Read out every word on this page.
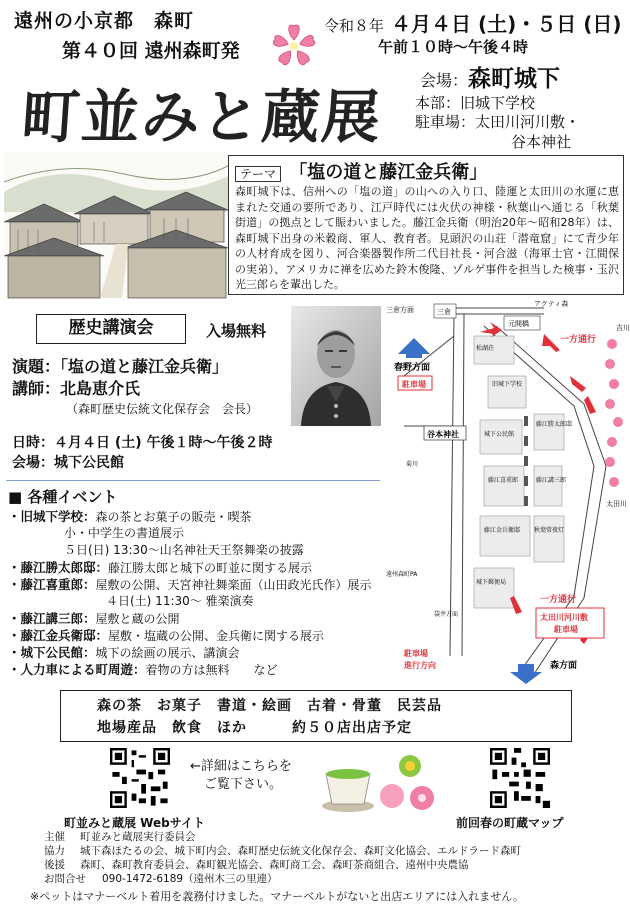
遠州の小京都　森町
第４０回 遠州森町発
町並みと蔵展
令和８年 ４月４日 (土)・５日 (日)
午前１０時〜午後４時
会場：森町城下
本部：旧城下学校
駐車場：太田川河川敷・
谷本神社
テーマ 「塩の道と藤江金兵衛」
森町城下は、信州への「塩の道」の山への入り口、陸運と太田川の水運に恵まれた交通の要所であり、江戸時代には火伏の神様・秋葉山へ通じる「秋葉街道」の拠点として賑わいました。藤江金兵衛（明治20年〜昭和28年）は、森町城下出身の米穀商、軍人、教育者。見頭沢の山荘「潜竜窟」にて青少年の人材育成を図り、河合楽器製作所二代目社長・河合滋（海軍士官・江間保の実弟）、アメリカに禅を広めた鈴木俊隆、ゾルゲ事件を担当した検事・玉沢光三郎らを輩出した。
歴史講演会	入場無料
演題：「塩の道と藤江金兵衛」
講師：北島恵介氏
（森町歴史伝統文化保存会　会長）
日時：４月４日 (土) 午後１時〜午後２時
会場：城下公民館
■ 各種イベント
・旧城下学校：森の茶とお菓子の販売・喫茶
小・中学生の書道展示
５日(日) 13:30〜山名神社天王祭舞楽の披露
・藤江勝太郎邸：藤江勝太郎と城下の町並に関する展示
・藤江喜重郎：屋敷の公開、天宮神社舞楽面（山田政光氏作）展示
４日(土) 11:30〜 雅楽演奏
・藤江講三郎：屋敷と蔵の公開
・藤江金兵衛邸：屋敷・塩蔵の公開、金兵衛に関する展示
・城下公民館：城下の絵画の展示、講演会
・人力車による町周遊：着物の方は無料　　など
アクティ森
三倉方面	三倉
元開橋	吉川
春野方面
一方通行
一方通行
駐車場
谷本神社
松湖荘
旧城下学校
城下公民館
藤江喜重郎	藤江講三郎
藤江金兵衛邸
藤江勝太郎邸
秋葉常夜灯
城下郵便局
遠州森町PA
袋井方面
太田川
菊川
太田川河川敷
駐車場
駐車場
進行方向	森方面
森の茶　お菓子　書道・絵画　古着・骨董　民芸品
地場産品　飲食　ほか　　　約５０店出店予定
←詳細はこちらを
ご覧下さい。
町並みと蔵展 Webサイト	前回春の町蔵マップ
主催 町並みと蔵展実行委員会
協力 城下森ほたるの会、城下町内会、森町歴史伝統文化保存会、森町文化協会、エルドラード森町
後援 森町、森町教育委員会、森町観光協会、森町商工会、森町茶商組合、遠州中央農協
お問合せ 090-1472-6189（遠州木三の里連）
※ペットはマナーベルト着用を義務付けました。マナーベルトがないと出店エリアには入れません。
